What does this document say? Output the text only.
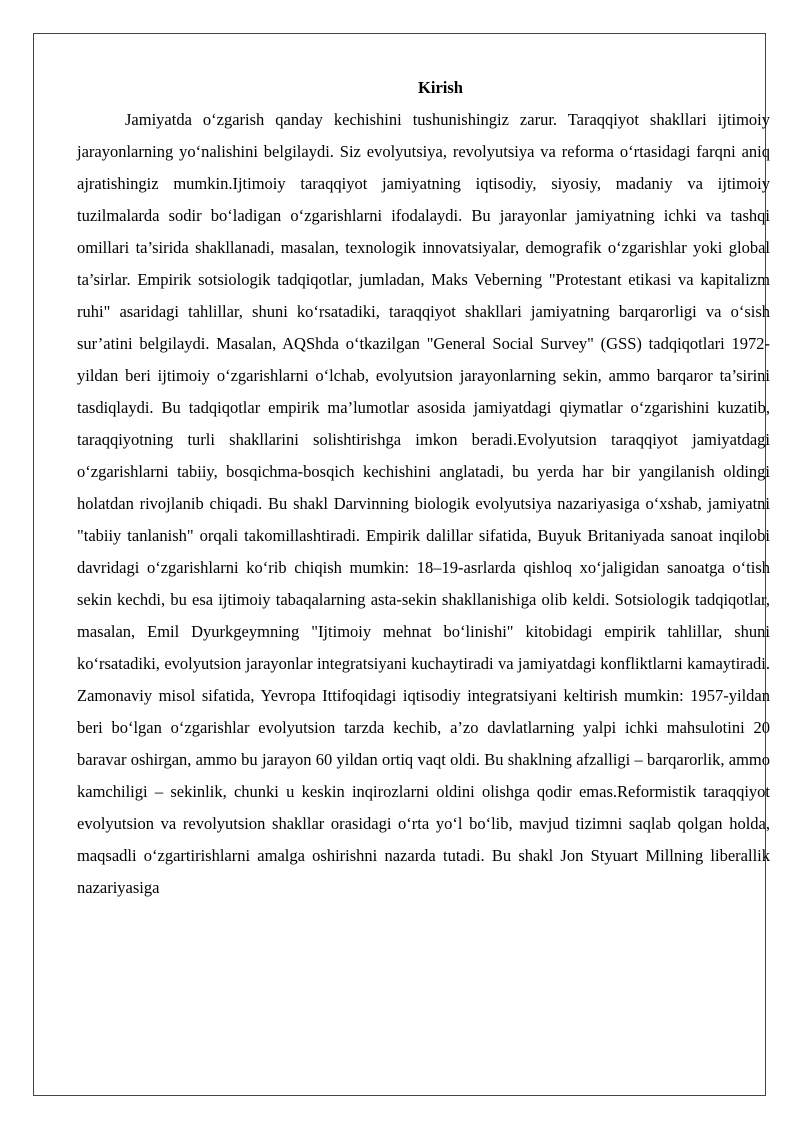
Kirish

Jamiyatda o‘zgarish qanday kechishini tushunishingiz zarur. Taraqqiyot shakllari ijtimoiy jarayonlarning yo‘nalishini belgilaydi. Siz evolyutsiya, revolyutsiya va reforma o‘rtasidagi farqni aniq ajratishingiz mumkin.Ijtimoiy taraqqiyot jamiyatning iqtisodiy, siyosiy, madaniy va ijtimoiy tuzilmalarda sodir bo‘ladigan o‘zgarishlarni ifodalaydi. Bu jarayonlar jamiyatning ichki va tashqi omillari ta’sirida shakllanadi, masalan, texnologik innovatsiyalar, demografik o‘zgarishlar yoki global ta’sirlar. Empirik sotsiologik tadqiqotlar, jumladan, Maks Veberning "Protestant etikasi va kapitalizm ruhi" asaridagi tahlillar, shuni ko‘rsatadiki, taraqqiyot shakllari jamiyatning barqarorligi va o‘sish sur’atini belgilaydi. Masalan, AQShda o‘tkazilgan "General Social Survey" (GSS) tadqiqotlari 1972-yildan beri ijtimoiy o‘zgarishlarni o‘lchab, evolyutsion jarayonlarning sekin, ammo barqaror ta’sirini tasdiqlaydi. Bu tadqiqotlar empirik ma’lumotlar asosida jamiyatdagi qiymatlar o‘zgarishini kuzatib, taraqqiyotning turli shakllarini solishtirishga imkon beradi.Evolyutsion taraqqiyot jamiyatdagi o‘zgarishlarni tabiiy, bosqichma-bosqich kechishini anglatadi, bu yerda har bir yangilanish oldingi holatdan rivojlanib chiqadi. Bu shakl Darvinning biologik evolyutsiya nazariyasiga o‘xshab, jamiyatni "tabiiy tanlanish" orqali takomillashtiradi. Empirik dalillar sifatida, Buyuk Britaniyada sanoat inqilobi davridagi o‘zgarishlarni ko‘rib chiqish mumkin: 18–19-asrlarda qishloq xo‘jaligidan sanoatga o‘tish sekin kechdi, bu esa ijtimoiy tabaqalarning asta-sekin shakllanishiga olib keldi. Sotsiologik tadqiqotlar, masalan, Emil Dyurkgeymning "Ijtimoiy mehnat bo‘linishi" kitobidagi empirik tahlillar, shuni ko‘rsatadiki, evolyutsion jarayonlar integratsiyani kuchaytiradi va jamiyatdagi konfliktlarni kamaytiradi. Zamonaviy misol sifatida, Yevropa Ittifoqidagi iqtisodiy integratsiyani keltirish mumkin: 1957-yildan beri bo‘lgan o‘zgarishlar evolyutsion tarzda kechib, a’zo davlatlarning yalpi ichki mahsulotini 20 baravar oshirgan, ammo bu jarayon 60 yildan ortiq vaqt oldi. Bu shaklning afzalligi – barqarorlik, ammo kamchiligi – sekinlik, chunki u keskin inqirozlarni oldini olishga qodir emas.Reformistik taraqqiyot evolyutsion va revolyutsion shakllar orasidagi o‘rta yo‘l bo‘lib, mavjud tizimni saqlab qolgan holda, maqsadli o‘zgartirishlarni amalga oshirishni nazarda tutadi. Bu shakl Jon Styuart Millning liberallik nazariyasiga
